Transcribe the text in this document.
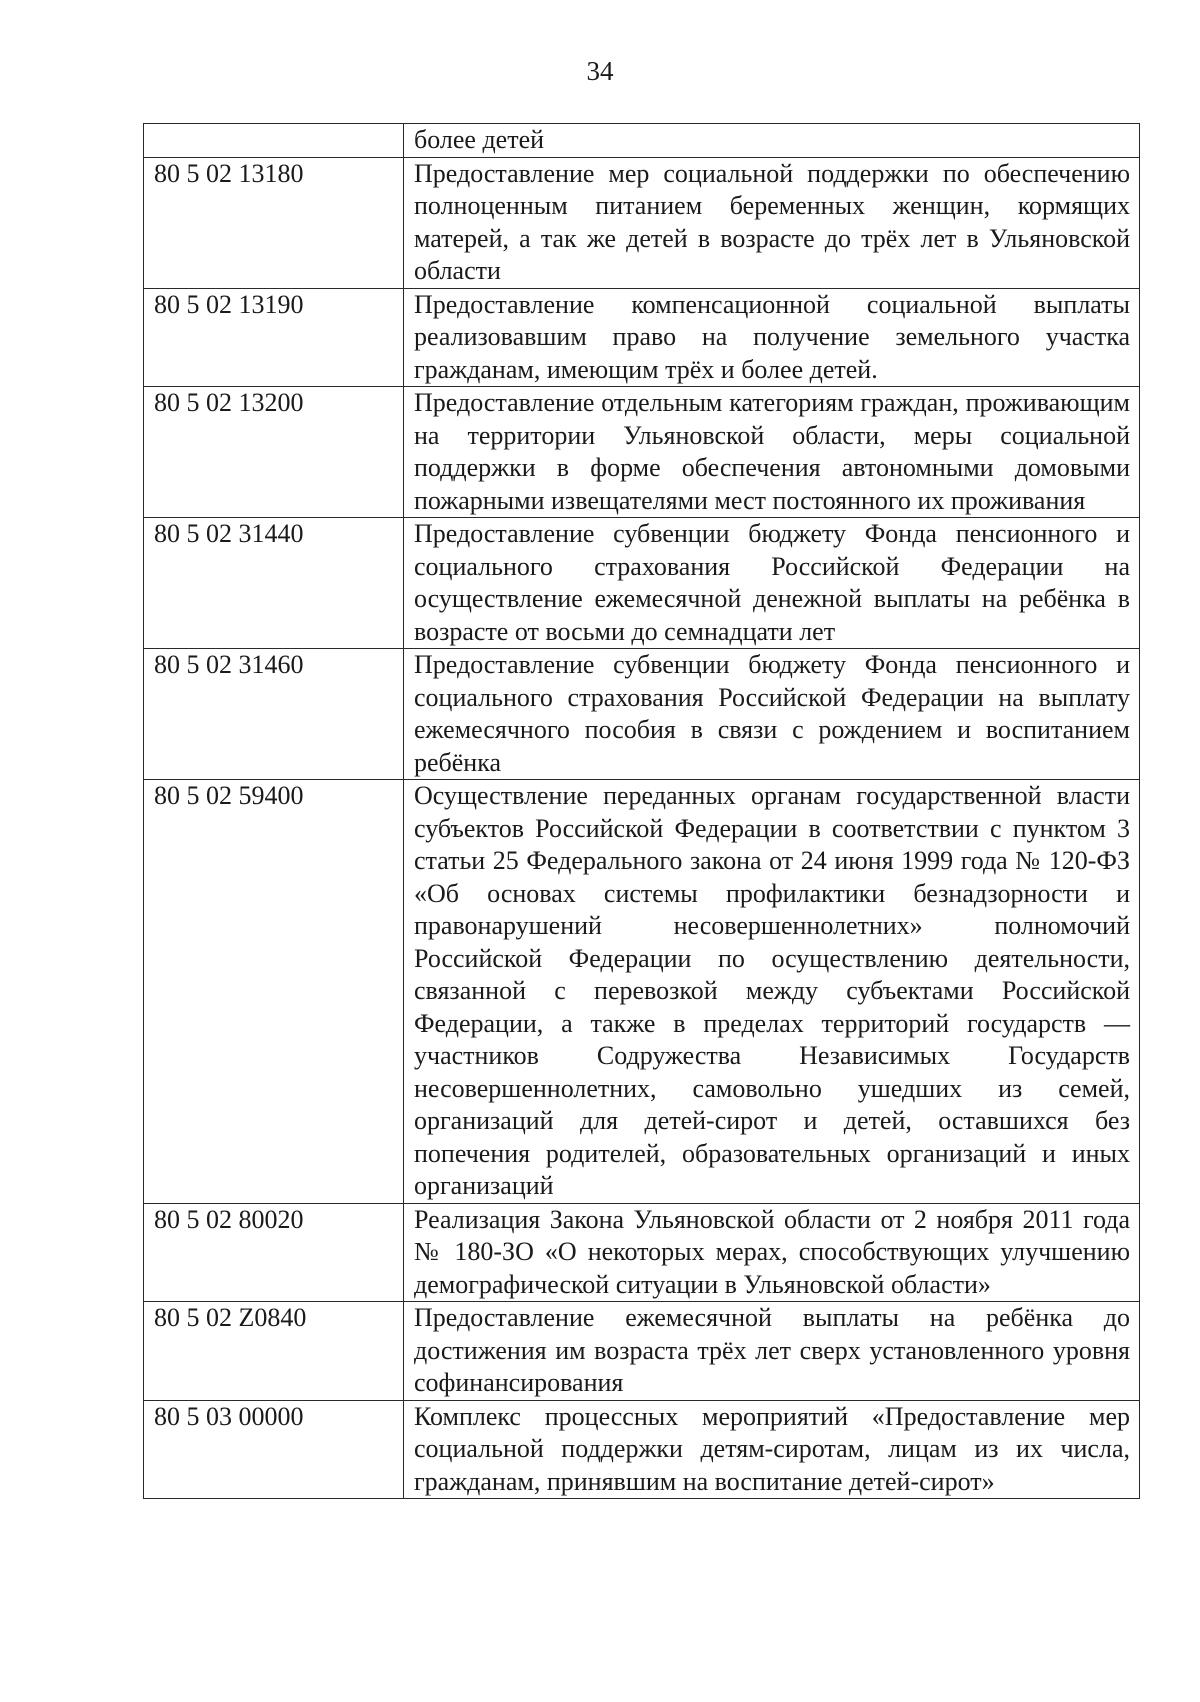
34

	более детей

80 5 02 13180	Предоставление мер социальной поддержки по обеспечению полноценным питанием беременных женщин, кормящих матерей, а так же детей в возрасте до трёх лет в Ульяновской области

80 5 02 13190	Предоставление компенсационной социальной выплаты реализовавшим право на получение земельного участка гражданам, имеющим трёх и более детей.

80 5 02 13200	Предоставление отдельным категориям граждан, проживающим на территории Ульяновской области, меры социальной поддержки в форме обеспечения автономными домовыми пожарными извещателями мест постоянного их проживания

80 5 02 31440	Предоставление субвенции бюджету Фонда пенсионного и социального страхования Российской Федерации на осуществление ежемесячной денежной выплаты на ребёнка в возрасте от восьми до семнадцати лет

80 5 02 31460	Предоставление субвенции бюджету Фонда пенсионного и социального страхования Российской Федерации на выплату ежемесячного пособия в связи с рождением и воспитанием ребёнка

80 5 02 59400	Осуществление переданных органам государственной власти субъектов Российской Федерации в соответствии с пунктом 3 статьи 25 Федерального закона от 24 июня 1999 года № 120-ФЗ «Об основах системы профилактики безнадзорности и правонарушений несовершеннолетних» полномочий Российской Федерации по осуществлению деятельности, связанной с перевозкой между субъектами Российской Федерации, а также в пределах территорий государств — участников Содружества Независимых Государств несовершеннолетних, самовольно ушедших из семей, организаций для детей-сирот и детей, оставшихся без попечения родителей, образовательных организаций и иных организаций

80 5 02 80020	Реализация Закона Ульяновской области от 2 ноября 2011 года № 180-ЗО «О некоторых мерах, способствующих улучшению демографической ситуации в Ульяновской области»

80 5 02 Z0840	Предоставление ежемесячной выплаты на ребёнка до достижения им возраста трёх лет сверх установленного уровня софинансирования

80 5 03 00000	Комплекс процессных мероприятий «Предоставление мер социальной поддержки детям-сиротам, лицам из их числа, гражданам, принявшим на воспитание детей-сирот»
